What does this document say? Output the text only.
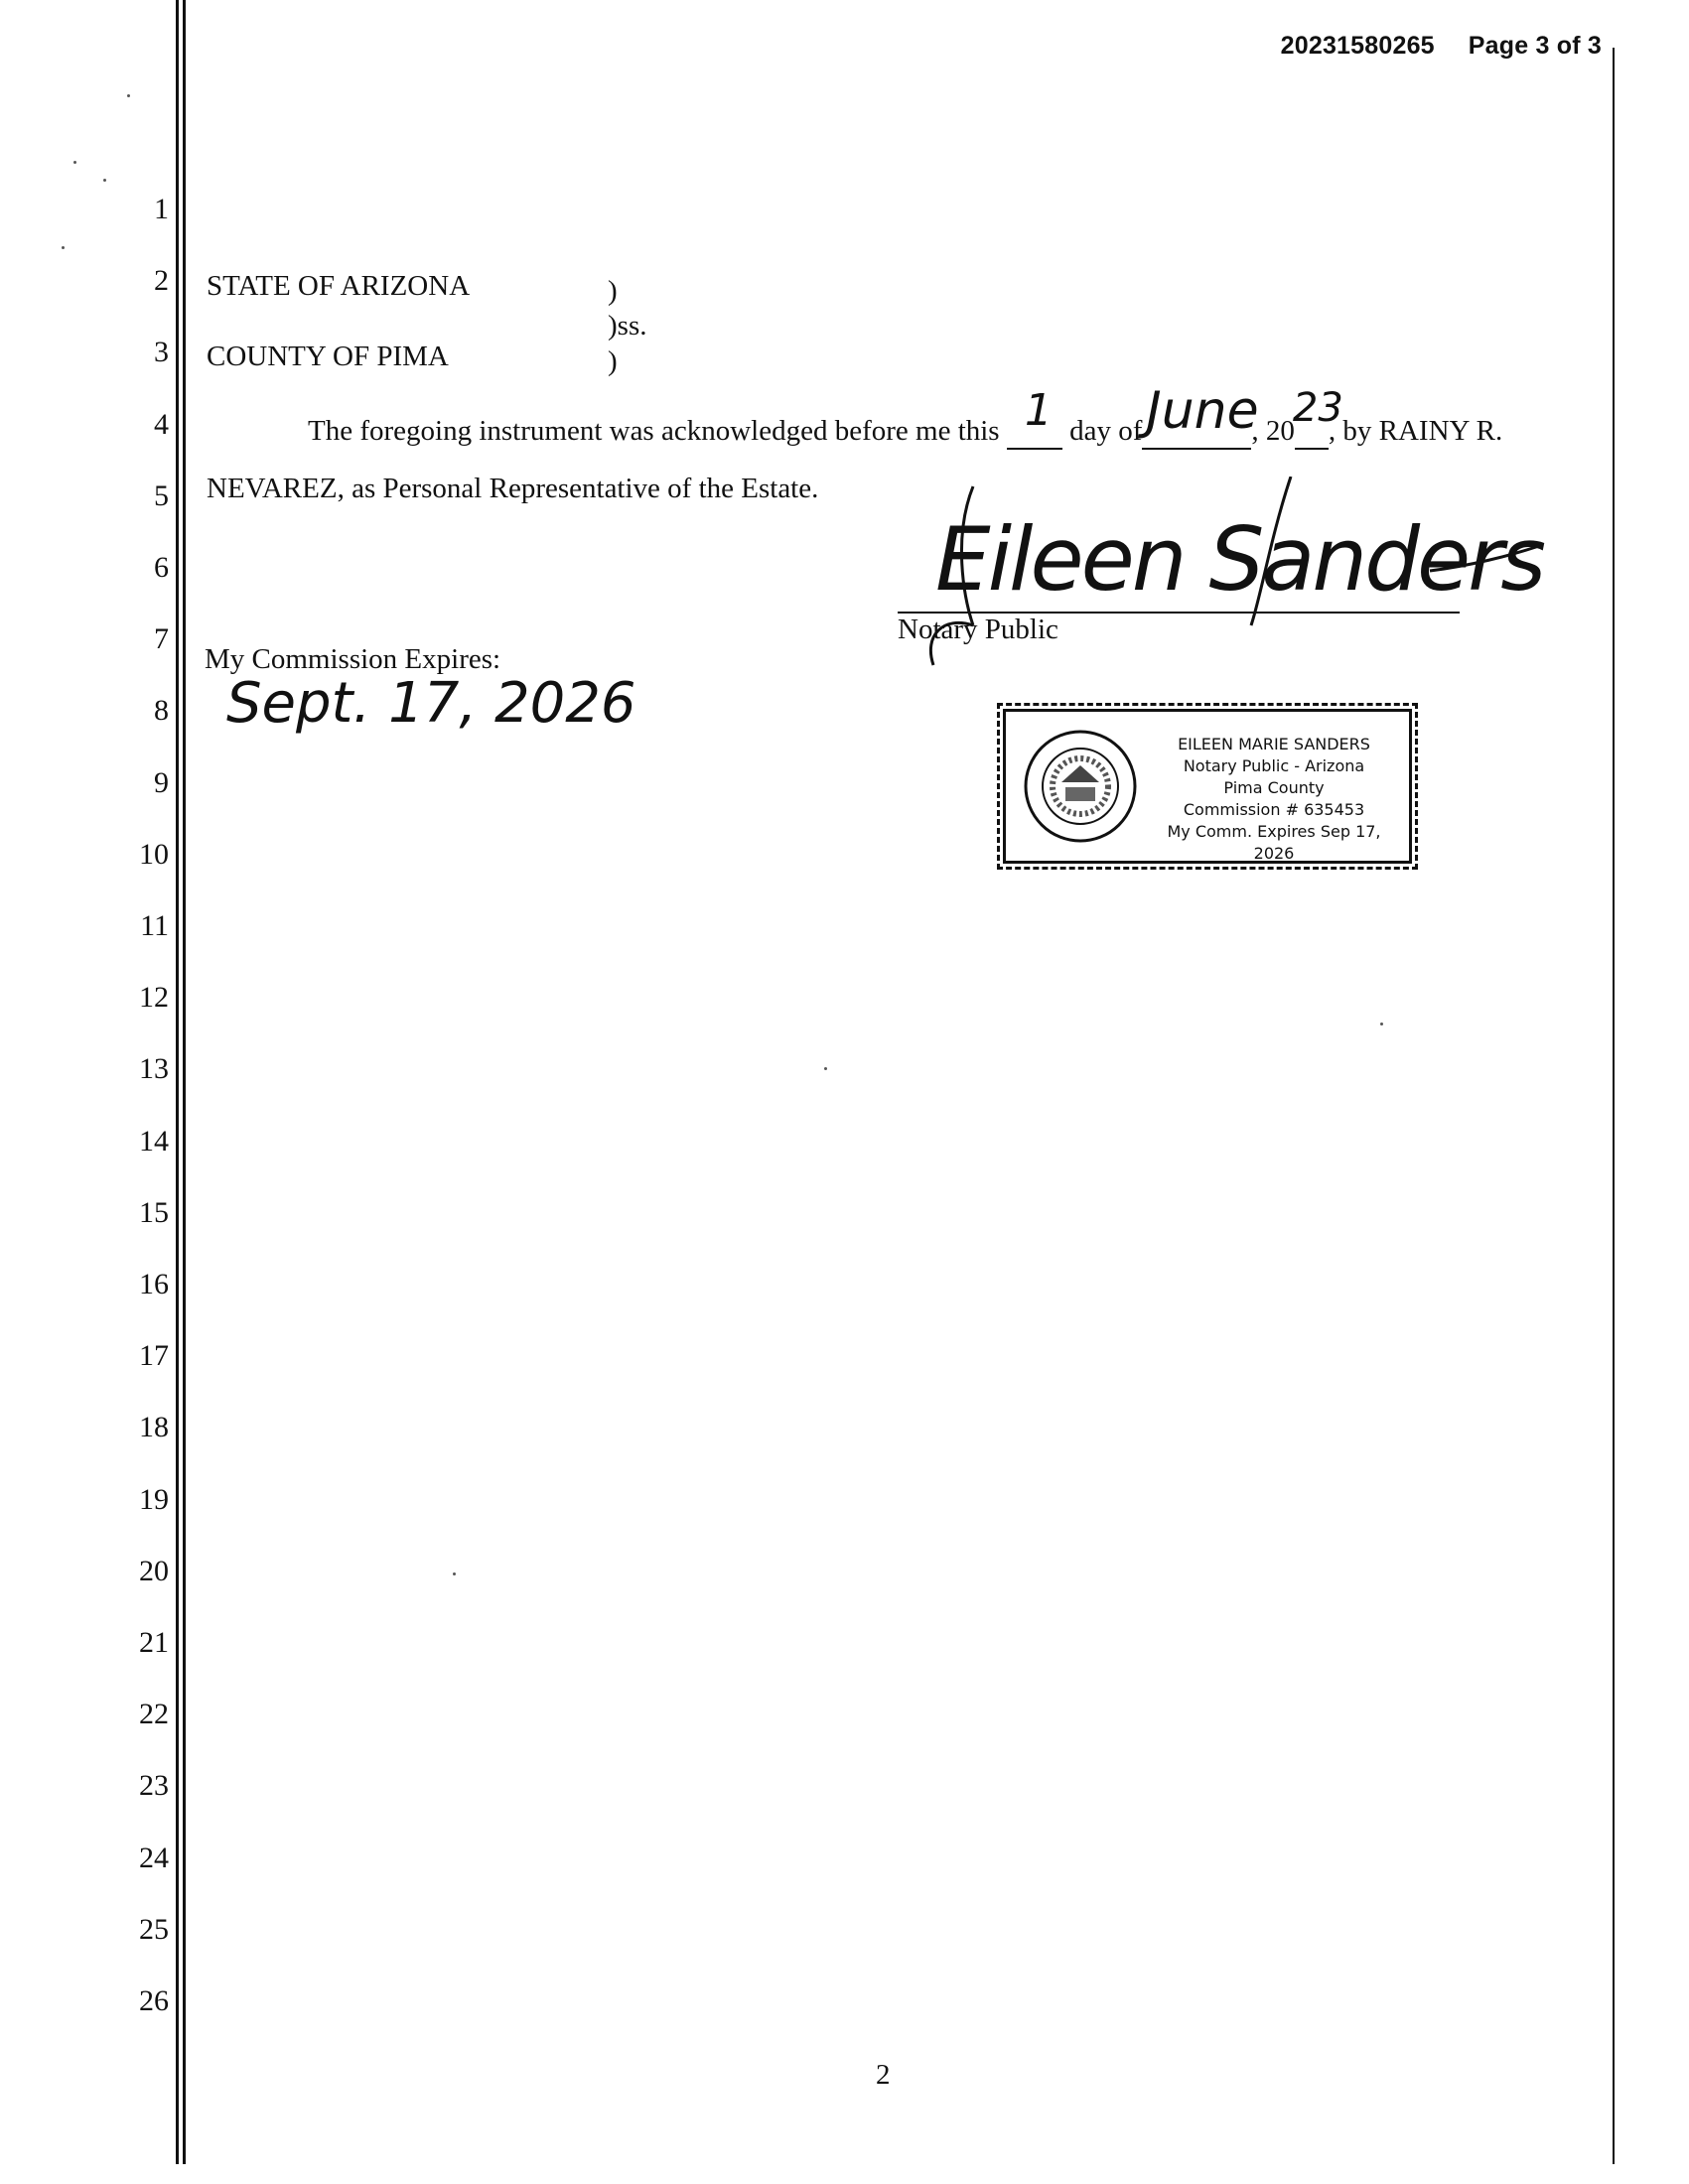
20231580265 Page 3 of 3
1
2
3
4
5
6
7
8
9
10
11
12
13
14
15
16
17
18
19
20
21
22
23
24
25
26
STATE OF ARIZONA	)
)ss.
COUNTY OF PIMA	)
The foregoing instrument was acknowledged before me this 1 day of June
, 20
23
, by RAINY R.
NEVAREZ, as Personal Representative of the Estate.
Eileen Sanders
Notary Public
My Commission Expires:
Sept. 17, 2026
EILEEN MARIE SANDERS
Notary Public - Arizona
Pima County
Commission # 635453
My Comm. Expires Sep 17, 2026
2
